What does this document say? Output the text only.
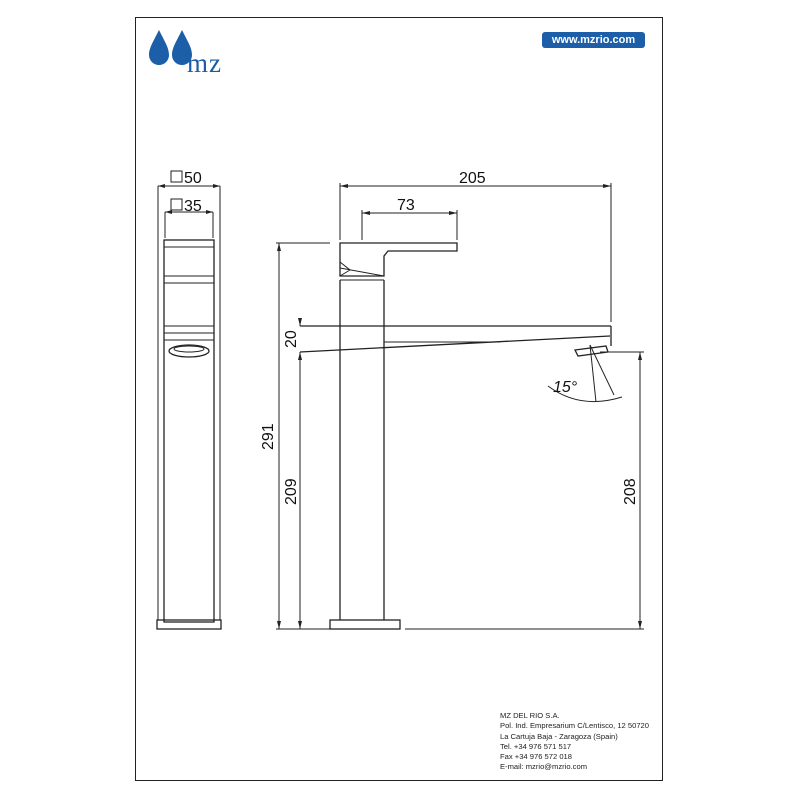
mz
www.mzrio.com
50
35
205
73
20
291
209	208
15°
MZ DEL RIO S.A.
Pol. Ind. Empresarium C/Lentisco, 12 50720
La Cartuja Baja - Zaragoza (Spain)
Tel. +34 976 571 517
Fax +34 976 572 018
E-mail: mzrio@mzrio.com
